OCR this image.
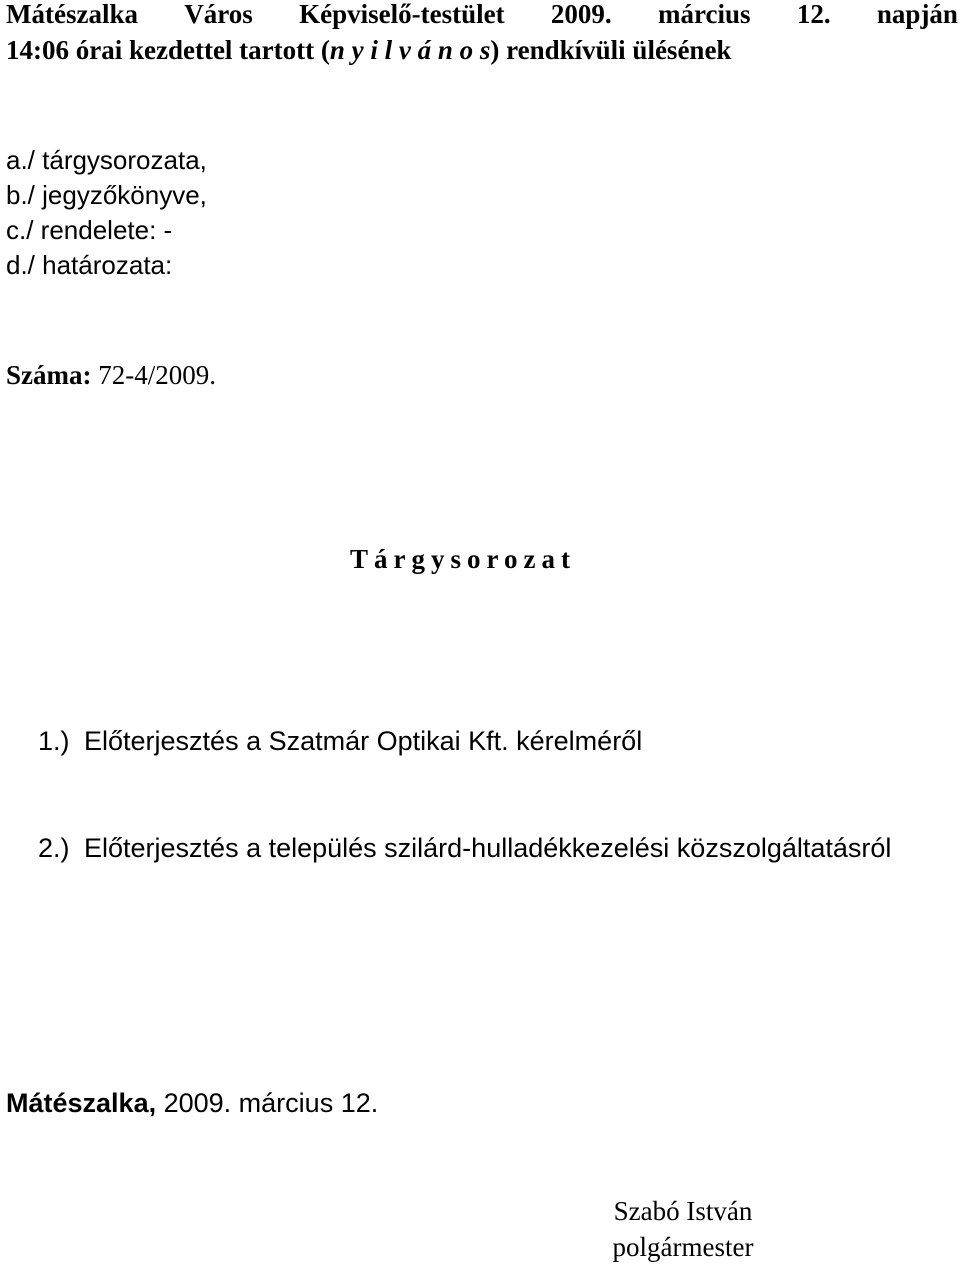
Mátészalka Város Képviselő-testület 2009. március 12. napján
14:06 órai kezdettel tartott (n y i l v á n o s) rendkívüli ülésének
a./ tárgysorozata,
b./ jegyzőkönyve,
c./ rendelete: -
d./ határozata:
Száma: 72-4/2009.
Tárgysorozat
1.) Előterjesztés a Szatmár Optikai Kft. kérelméről
2.) Előterjesztés a település szilárd-hulladékkezelési közszolgáltatásról
Mátészalka, 2009. március 12.
Szabó István
polgármester
